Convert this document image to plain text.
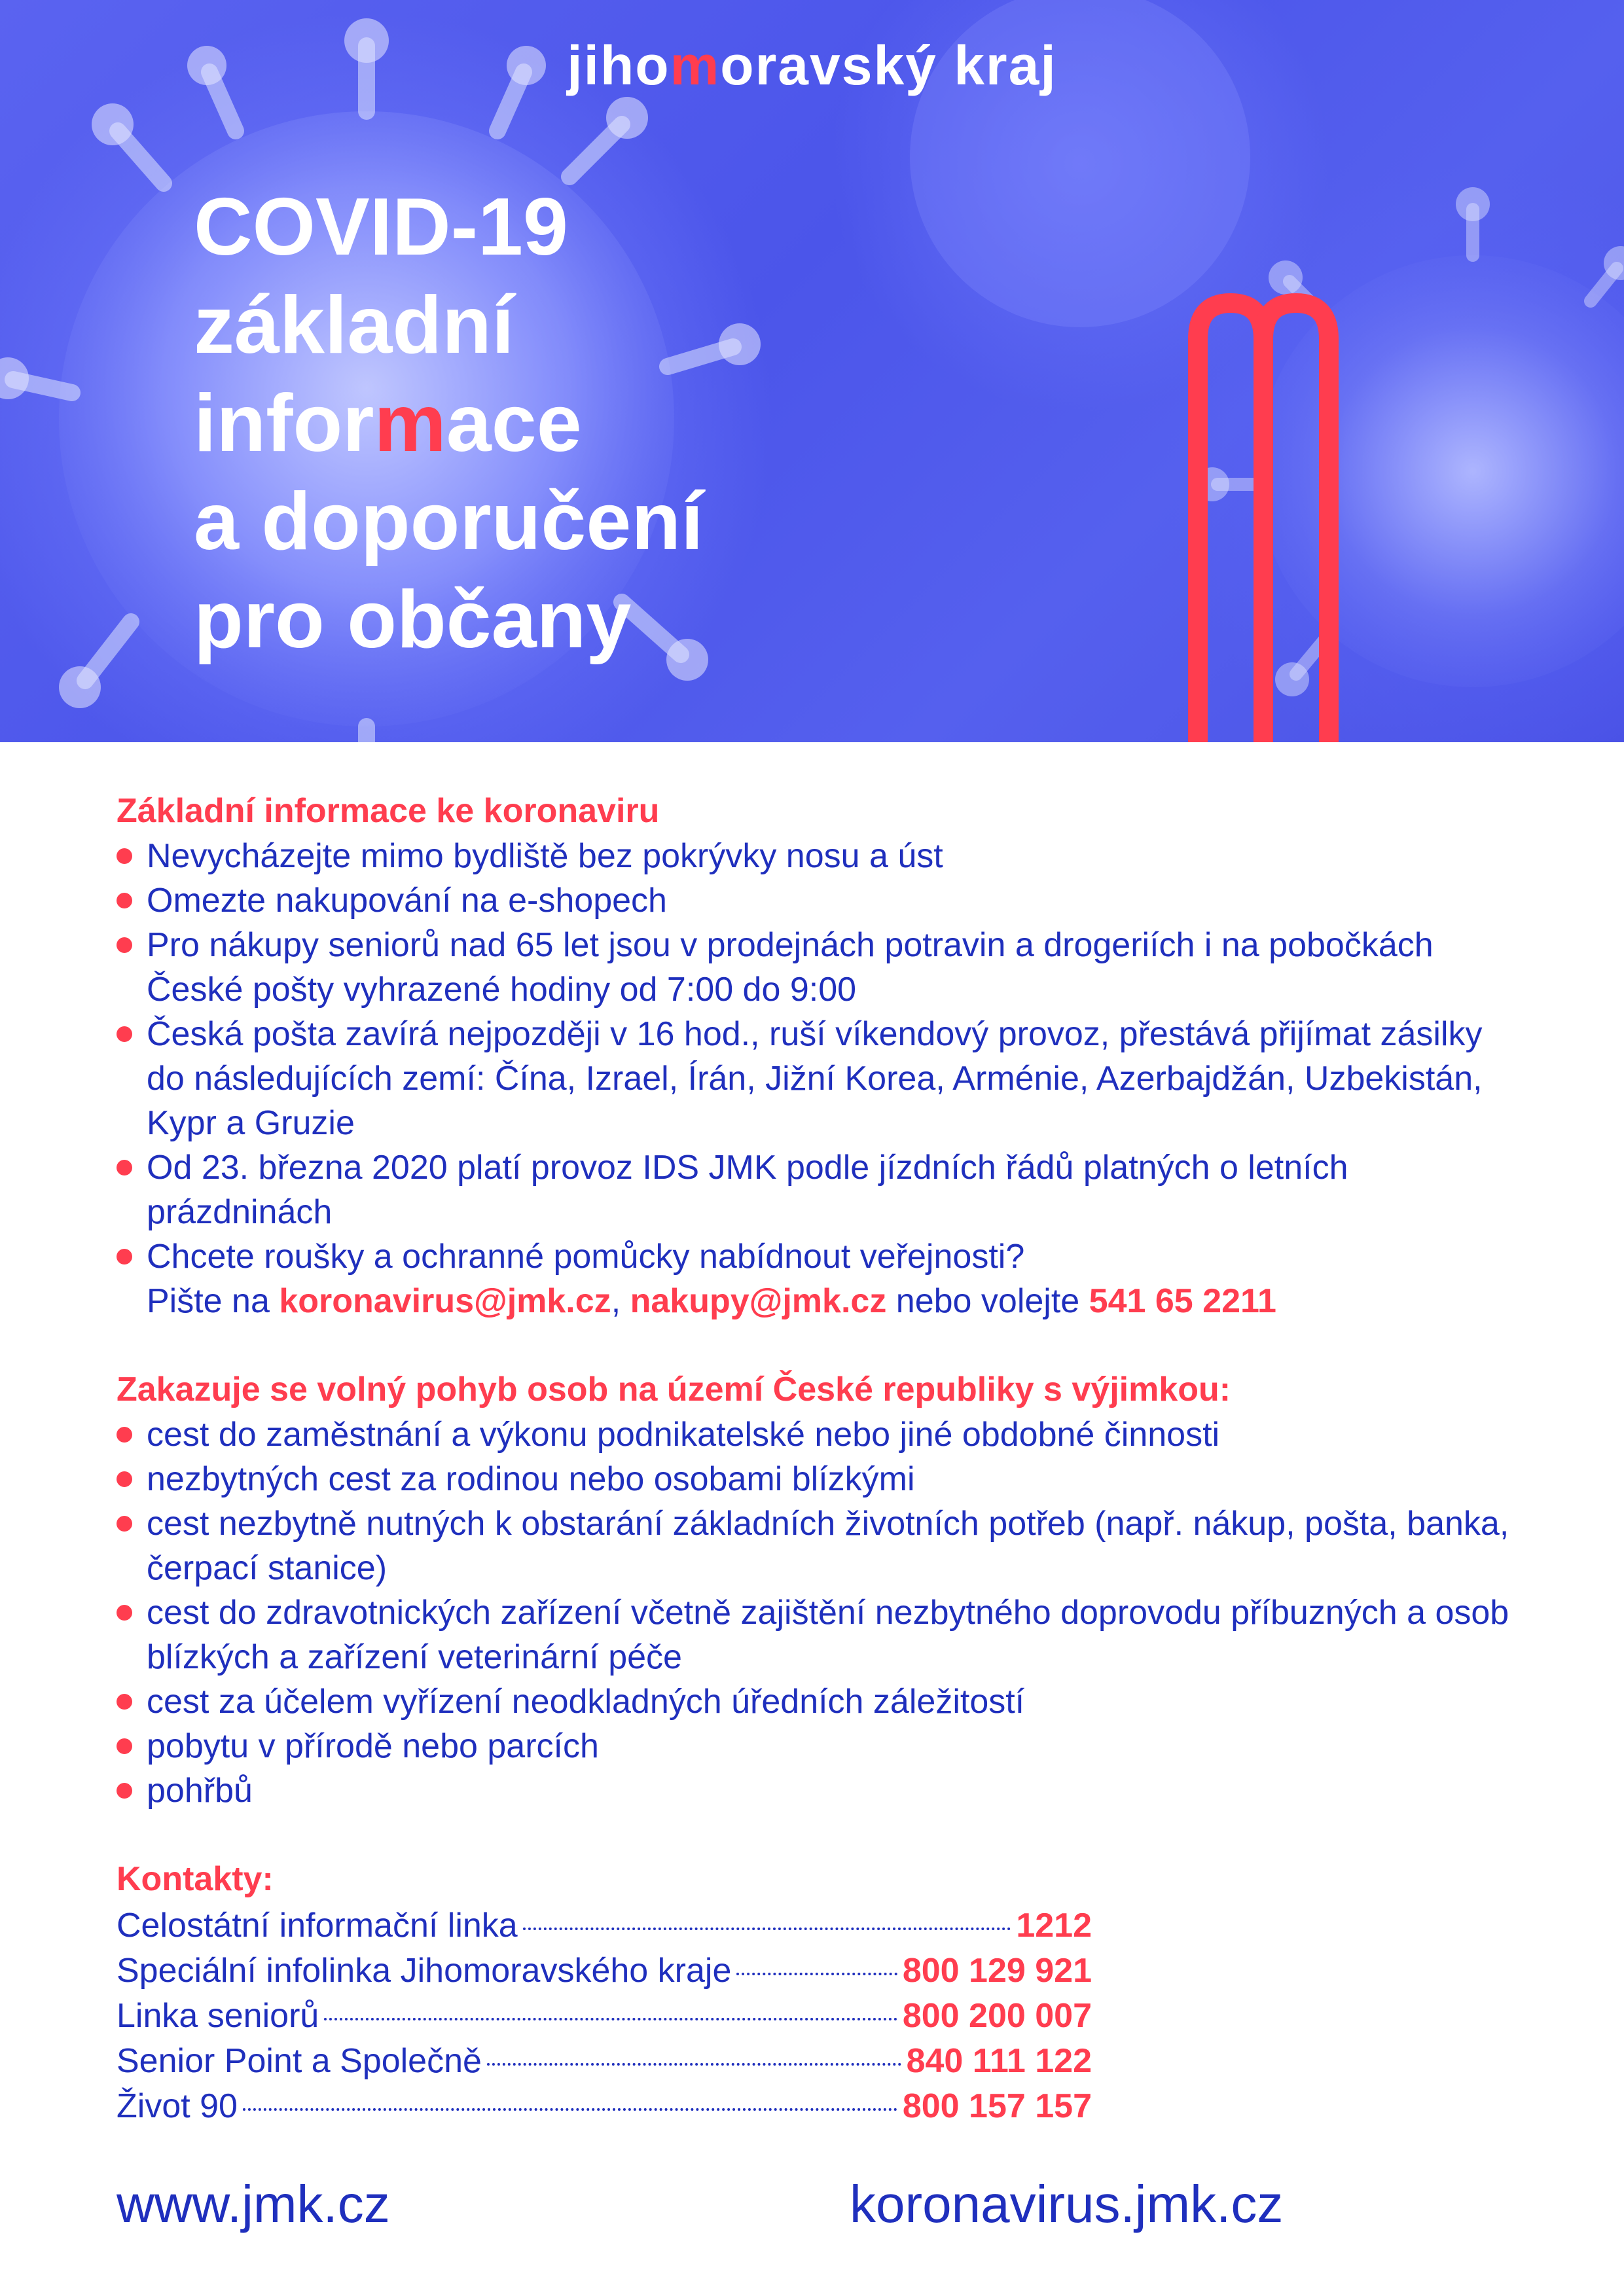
jihomoravský kraj
COVID-19
základní
informace
a doporučení
pro občany
Základní informace ke koronaviru
Nevycházejte mimo bydliště bez pokrývky nosu a úst
Omezte nakupování na e-shopech
Pro nákupy seniorů nad 65 let jsou v prodejnách potravin a drogeriích i na pobočkách České pošty vyhrazené hodiny od 7:00 do 9:00
Česká pošta zavírá nejpozději v 16 hod., ruší víkendový provoz, přestává přijímat zásilky do následujících zemí: Čína, Izrael, Írán, Jižní Korea, Arménie, Azerbajdžán, Uzbekistán, Kypr a Gruzie
Od 23. března 2020 platí provoz IDS JMK podle jízdních řádů platných o letních prázdninách
Chcete roušky a ochranné pomůcky nabídnout veřejnosti?
Pište na koronavirus@jmk.cz, nakupy@jmk.cz nebo volejte 541 65 2211
Zakazuje se volný pohyb osob na území České republiky s výjimkou:
cest do zaměstnání a výkonu podnikatelské nebo jiné obdobné činnosti
nezbytných cest za rodinou nebo osobami blízkými
cest nezbytně nutných k obstarání základních životních potřeb (např. nákup, pošta, banka, čerpací stanice)
cest do zdravotnických zařízení včetně zajištění nezbytného doprovodu příbuzných a osob blízkých a zařízení veterinární péče
cest za účelem vyřízení neodkladných úředních záležitostí
pobytu v přírodě nebo parcích
pohřbů
Kontakty:
Celostátní informační linka	1212
Speciální infolinka Jihomoravského kraje	800 129 921
Linka seniorů	800 200 007
Senior Point a Společně	840 111 122
Život 90	800 157 157
www.jmk.cz	koronavirus.jmk.cz
